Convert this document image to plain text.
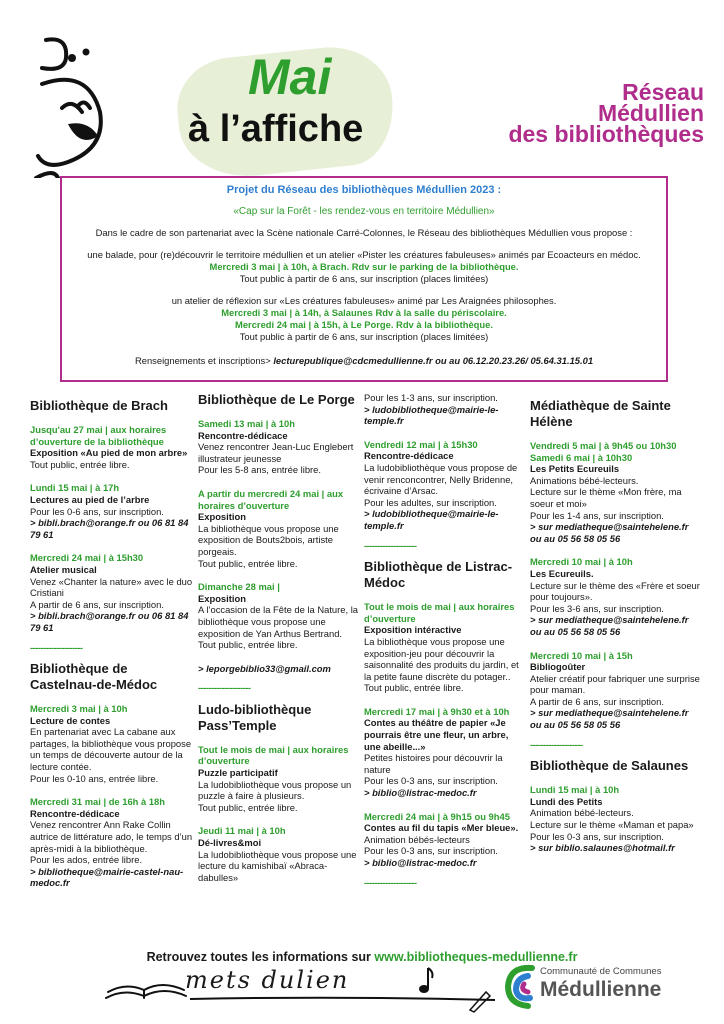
Mai
à l’affiche
Réseau
Médullien
des bibliothèques
Projet du Réseau des bibliothèques Médullien 2023 :
«Cap sur la Forêt - les rendez-vous en territoire Médullien»
Dans le cadre de son partenariat avec la Scène nationale Carré-Colonnes, le Réseau des bibliothèques Médullien vous propose :
une balade, pour (re)découvrir le territoire médullien et un atelier «Pister les créatures fabuleuses» animés par Ecoacteurs en médoc.
Mercredi 3 mai | à 10h, à Brach. Rdv sur le parking de la bibliothèque.
Tout public à partir de 6 ans, sur inscription (places limitées)
un atelier de réflexion sur «Les créatures fabuleuses» animé par Les Araignées philosophes.
Mercredi 3 mai | à 14h, à Salaunes Rdv à la salle du périscolaire.
Mercredi 24 mai | à 15h, à Le Porge. Rdv à la bibliothèque.
Tout public à partir de 6 ans, sur inscription (places limitées)
Renseignements et inscriptions> lecturepublique@cdcmedullienne.fr ou au 06.12.20.23.26/ 05.64.31.15.01
Bibliothèque de Brach
Jusqu'au 27 mai | aux horaires d’ouverture de la bibliothèque
Exposition «Au pied de mon arbre»
Tout public, entrée libre.
Lundi 15 mai | à 17h
Lectures au pied de l’arbre
Pour les 0-6 ans, sur inscription.
> bibli.brach@orange.fr ou 06 81 84 79 61
Mercredi 24 mai | à 15h30
Atelier musical
Venez «Chanter la nature» avec le duo Cristiani
A partir de 6 ans, sur inscription.
> bibli.brach@orange.fr ou 06 81 84 79 61
--------------------
Bibliothèque de Castelnau-de-Médoc
Mercredi 3 mai | à 10h
Lecture de contes
En partenariat avec La cabane aux partages, la bibliothèque vous propose un temps de découverte autour de la lecture contée.
Pour les 0-10 ans, entrée libre.
Mercredi 31 mai | de 16h à 18h
Rencontre-dédicace
Venez rencontrer Ann Rake Collin autrice de littérature ado, le temps d’un après-midi à la bibliothèque.
Pour les ados, entrée libre.
> bibliotheque@mairie-castel-nau-medoc.fr
Bibliothèque de Le Porge
Samedi 13 mai | à 10h
Rencontre-dédicace
Venez rencontrer Jean-Luc Englebert illustrateur jeunesse
Pour les 5-8 ans, entrée libre.
A partir du mercredi 24 mai | aux horaires d’ouverture
Exposition
La bibliothèque vous propose une exposition de Bouts2bois, artiste porgeais.
Tout public, entrée libre.
Dimanche 28 mai |
Exposition
A l’occasion de la Fête de la Nature, la bibliothèque vous propose une exposition de Yan Arthus Bertrand.
Tout public, entrée libre.
> leporgebiblio33@gmail.com
--------------------
Ludo-bibliothèque Pass’Temple
Tout le mois de mai | aux horaires d’ouverture
Puzzle participatif
La ludobibliothèque vous propose un puzzle à faire à plusieurs.
Tout public, entrée libre.
Jeudi 11 mai | à 10h
Dé-livres&moi
La ludobibliothèque vous propose une lecture du kamishibaï «Abraca-dabulles»
Pour les 1-3 ans, sur inscription.
> ludobibliotheque@mairie-le-temple.fr
Vendredi 12 mai | à 15h30
Rencontre-dédicace
La ludobibliothèque vous propose de venir renconcontrer, Nelly Bridenne, écrivaine d’Arsac.
Pour les adultes, sur inscription.
> ludobibliotheque@mairie-le-temple.fr
--------------------
Bibliothèque de Listrac-Médoc
Tout le mois de mai | aux horaires d’ouverture
Exposition intéractive
La bibliothèque vous propose une exposition-jeu pour découvrir la saisonnalité des produits du jardin, et la petite faune discrète du potager..
Tout public, entrée libre.
Mercredi 17 mai | à 9h30 et à 10h
Contes au théâtre de papier «Je pourrais être une fleur, un arbre, une abeille...»
Petites histoires pour découvrir la nature
Pour les 0-3 ans, sur inscription.
> biblio@listrac-medoc.fr
Mercredi 24 mai | à 9h15 ou 9h45
Contes au fil du tapis «Mer bleue».
Animation bébés-lecteurs
Pour les 0-3 ans, sur inscription.
> biblio@listrac-medoc.fr
--------------------
Médiathèque de Sainte Hélène
Vendredi 5 mai | à 9h45 ou 10h30
Samedi 6 mai | à 10h30
Les Petits Ecureuils
Animations bébé-lecteurs.
Lecture sur le thème «Mon frère, ma soeur et moi»
Pour les 1-4 ans, sur inscription.
> sur mediatheque@saintehelene.fr ou au 05 56 58 05 56
Mercredi 10 mai | à 10h
Les Ecureuils.
Lecture sur le thème des «Frère et soeur pour toujours».
Pour les 3-6 ans, sur inscription.
> sur mediatheque@saintehelene.fr ou au 05 56 58 05 56
Mercredi 10 mai | à 15h
Bibliogoûter
Atelier créatif pour fabriquer une surprise pour maman.
A partir de 6 ans, sur inscription.
> sur mediatheque@saintehelene.fr ou au 05 56 58 05 56
--------------------
Bibliothèque de Salaunes
Lundi 15 mai | à 10h
Lundi des Petits
Animation bébé-lecteurs.
Lecture sur le thème «Maman et papa»
Pour les 0-3 ans, sur inscription.
> sur biblio.salaunes@hotmail.fr
Retrouvez toutes les informations sur www.bibliotheques-medullienne.fr
mets dulien	Communauté de Communes
Médullienne
